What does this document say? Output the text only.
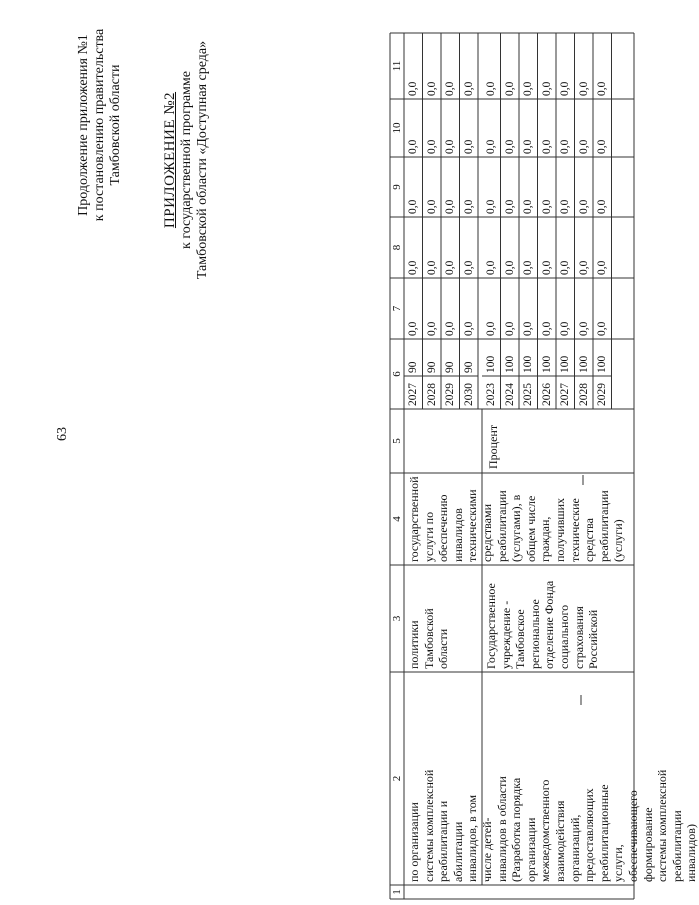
63
Продолжение приложения №1 к постановлению правительства Тамбовской области	ПРИЛОЖЕНИЕ №2 к государственной программе Тамбовской области «Доступная среда»
1
2
3
4
5
6
7
8
9
10
11
по организации системы комплексной реабилитации и абилитации инвалидов, в том числе детей- инвалидов в области (Разработка порядка организации межведомственного взаимодействия организаций, предоставляющих реабилитационные услуги, обеспечивающего формирование системы комплексной реабилитации инвалидов)
политики Тамбовской области
государственной услуги по обеспечению инвалидов техническими средствами реабилитации (услугами), в общем числе граждан, получивших технические средства реабилитации (услуги)
Государственное учреждение - Тамбовское региональное отделение Фонда социального страхования Российской
Процент
2027
90
0,0
0,0
0,0
0,0
0,0
2028
90
0,0
0,0
0,0
0,0
0,0
2029
90
0,0
0,0
0,0
0,0
0,0
2030
90
0,0
0,0
0,0
0,0
0,0
2023
100
0,0
0,0
0,0
0,0
0,0
2024
100
0,0
0,0
0,0
0,0
0,0
2025
100
0,0
0,0
0,0
0,0
0,0
2026
100
0,0
0,0
0,0
0,0
0,0
2027
100
0,0
0,0
0,0
0,0
0,0
2028
100
0,0
0,0
0,0
0,0
0,0
2029
100
0,0
0,0
0,0
0,0
0,0
